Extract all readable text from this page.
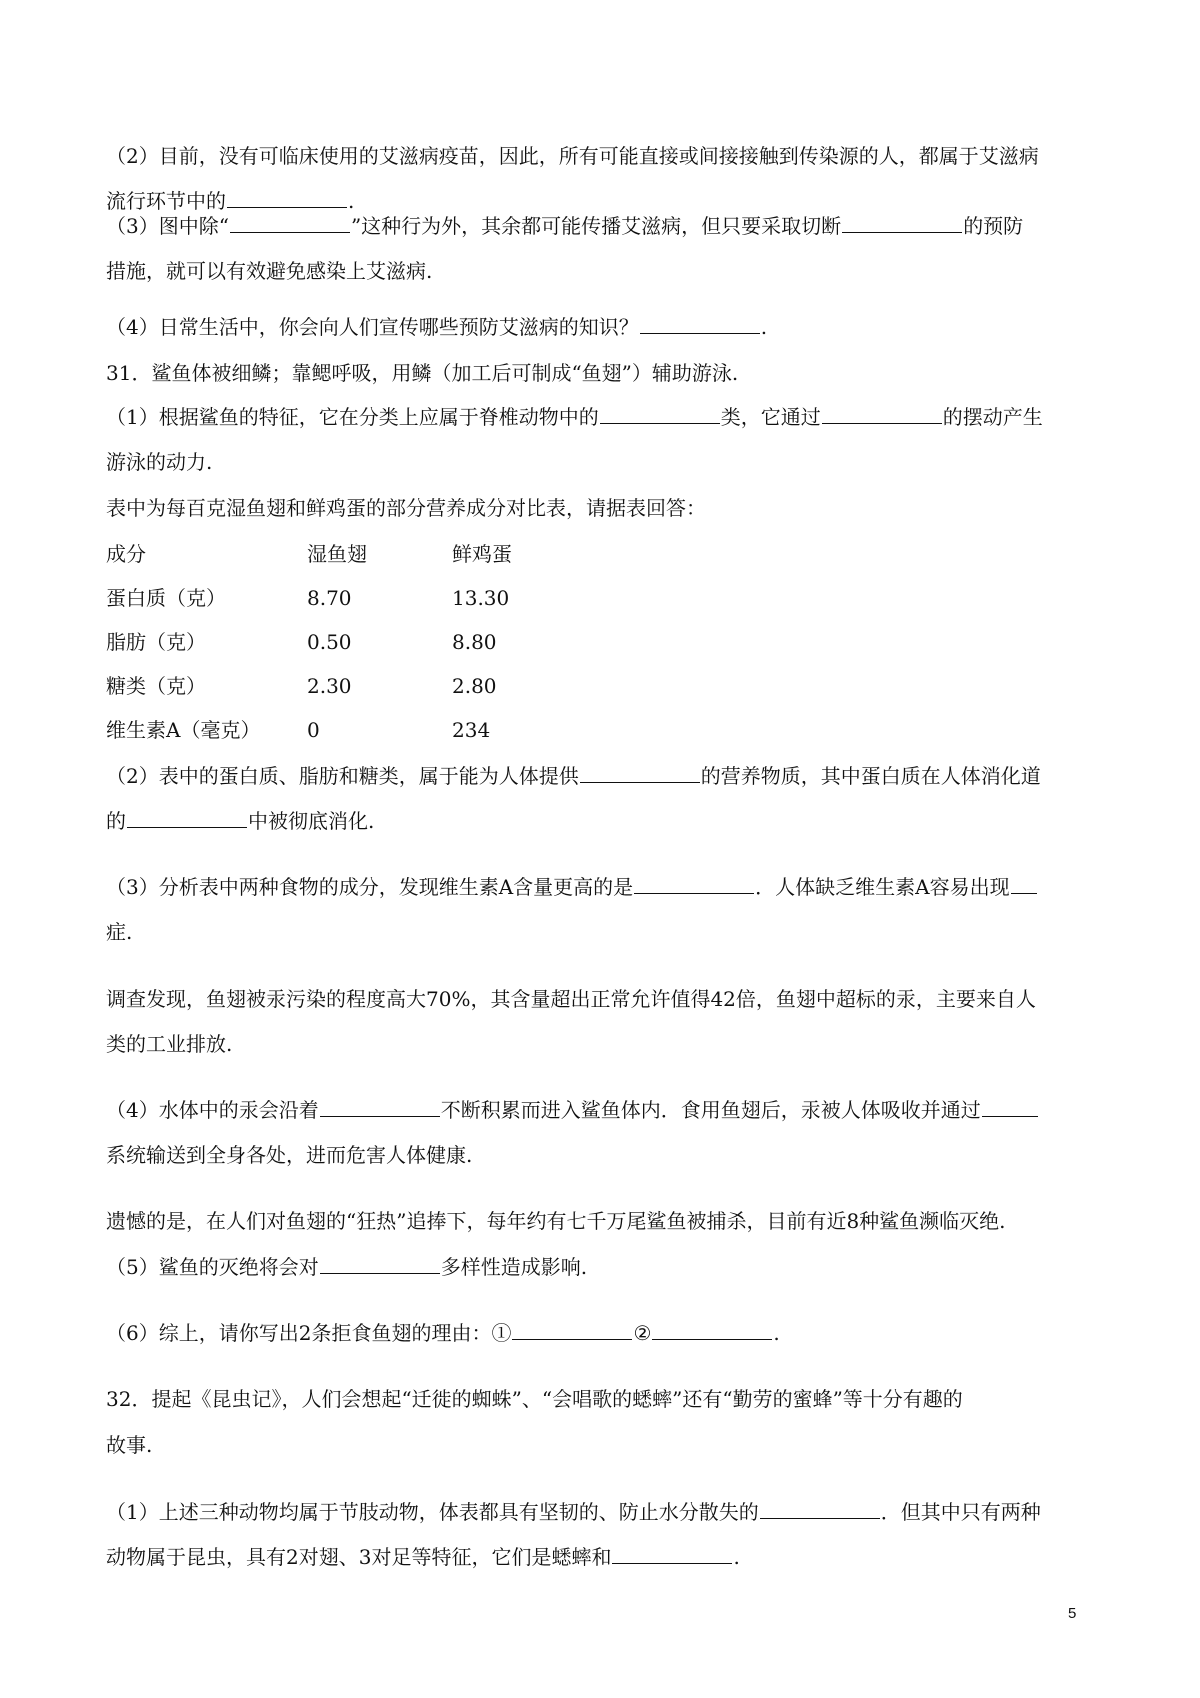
（2）目前，没有可临床使用的艾滋病疫苗，因此，所有可能直接或间接接触到传染源的人，都属于艾滋病
流行环节中的	.
（3）图中除“	”这种行为外，其余都可能传播艾滋病，但只要采取切断	的预防
措施，就可以有效避免感染上艾滋病.
（4）日常生活中，你会向人们宣传哪些预防艾滋病的知识？	.
31．鲨鱼体被细鳞；靠鳃呼吸，用鳞（加工后可制成“鱼翅”）辅助游泳.
（1）根据鲨鱼的特征，它在分类上应属于脊椎动物中的	类，它通过	的摆动产生
游泳的动力.
表中为每百克湿鱼翅和鲜鸡蛋的部分营养成分对比表，请据表回答：
成分	湿鱼翅	鲜鸡蛋
蛋白质（克）	8.70	13.30
脂肪（克）	0.50	8.80
糖类（克）	2.30	2.80
维生素A（毫克） 0	234
（2）表中的蛋白质、脂肪和糖类，属于能为人体提供	的营养物质，其中蛋白质在人体消化道
的	中被彻底消化.
（3）分析表中两种食物的成分，发现维生素A含量更高的是	．人体缺乏维生素A容易出现
症.
调查发现，鱼翅被汞污染的程度高大70%，其含量超出正常允许值得42倍，鱼翅中超标的汞，主要来自人
类的工业排放.
（4）水体中的汞会沿着	不断积累而进入鲨鱼体内．食用鱼翅后，汞被人体吸收并通过
系统输送到全身各处，进而危害人体健康.
遗憾的是，在人们对鱼翅的“狂热”追捧下，每年约有七千万尾鲨鱼被捕杀，目前有近8种鲨鱼濒临灭绝.
（5）鲨鱼的灭绝将会对	多样性造成影响.
（6）综上，请你写出2条拒食鱼翅的理由：①	②	.
32．提起《昆虫记》，人们会想起“迁徙的蜘蛛”、“会唱歌的蟋蟀”还有“勤劳的蜜蜂”等十分有趣的
故事.
（1）上述三种动物均属于节肢动物，体表都具有坚韧的、防止水分散失的	．但其中只有两种
动物属于昆虫，具有2对翅、3对足等特征，它们是蟋蟀和	.
5
